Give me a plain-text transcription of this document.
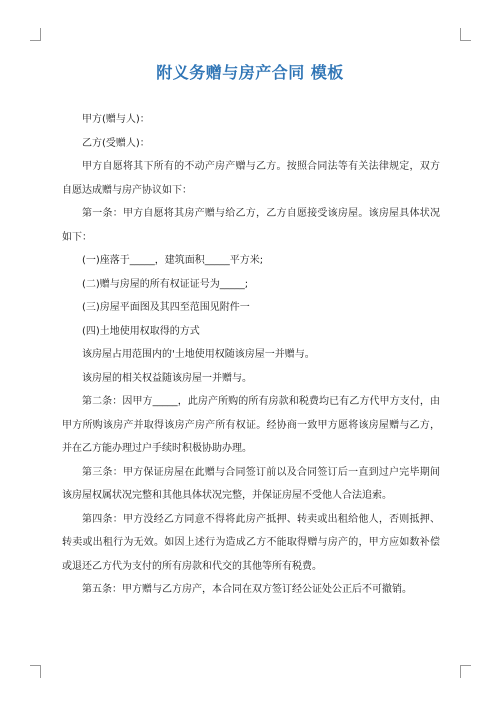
附义务赠与房产合同 模板

甲方(赠与人)：

乙方(受赠人)：

甲方自愿将其下所有的不动产房产赠与乙方。按照合同法等有关法律规定，双方自愿达成赠与房产协议如下：

第一条：甲方自愿将其房产赠与给乙方，乙方自愿接受该房屋。该房屋具体状况如下：

(一)座落于_____，建筑面积_____平方米;

(二)赠与房屋的所有权证证号为_____;

(三)房屋平面图及其四至范围见附件一

(四)土地使用权取得的方式

该房屋占用范围内的'土地使用权随该房屋一并赠与。

该房屋的相关权益随该房屋一并赠与。

第二条：因甲方_____，此房产所购的所有房款和税费均已有乙方代甲方支付，由甲方所购该房产并取得该房产房产所有权证。经协商一致甲方愿将该房屋赠与乙方，并在乙方能办理过户手续时积极协助办理。

第三条：甲方保证房屋在此赠与合同签订前以及合同签订后一直到过户完毕期间该房屋权属状况完整和其他具体状况完整，并保证房屋不受他人合法追索。

第四条：甲方没经乙方同意不得将此房产抵押、转卖或出租给他人，否则抵押、转卖或出租行为无效。如因上述行为造成乙方不能取得赠与房产的，甲方应如数补偿或退还乙方代为支付的所有房款和代交的其他等所有税费。

第五条：甲方赠与乙方房产，本合同在双方签订经公证处公正后不可撤销。
